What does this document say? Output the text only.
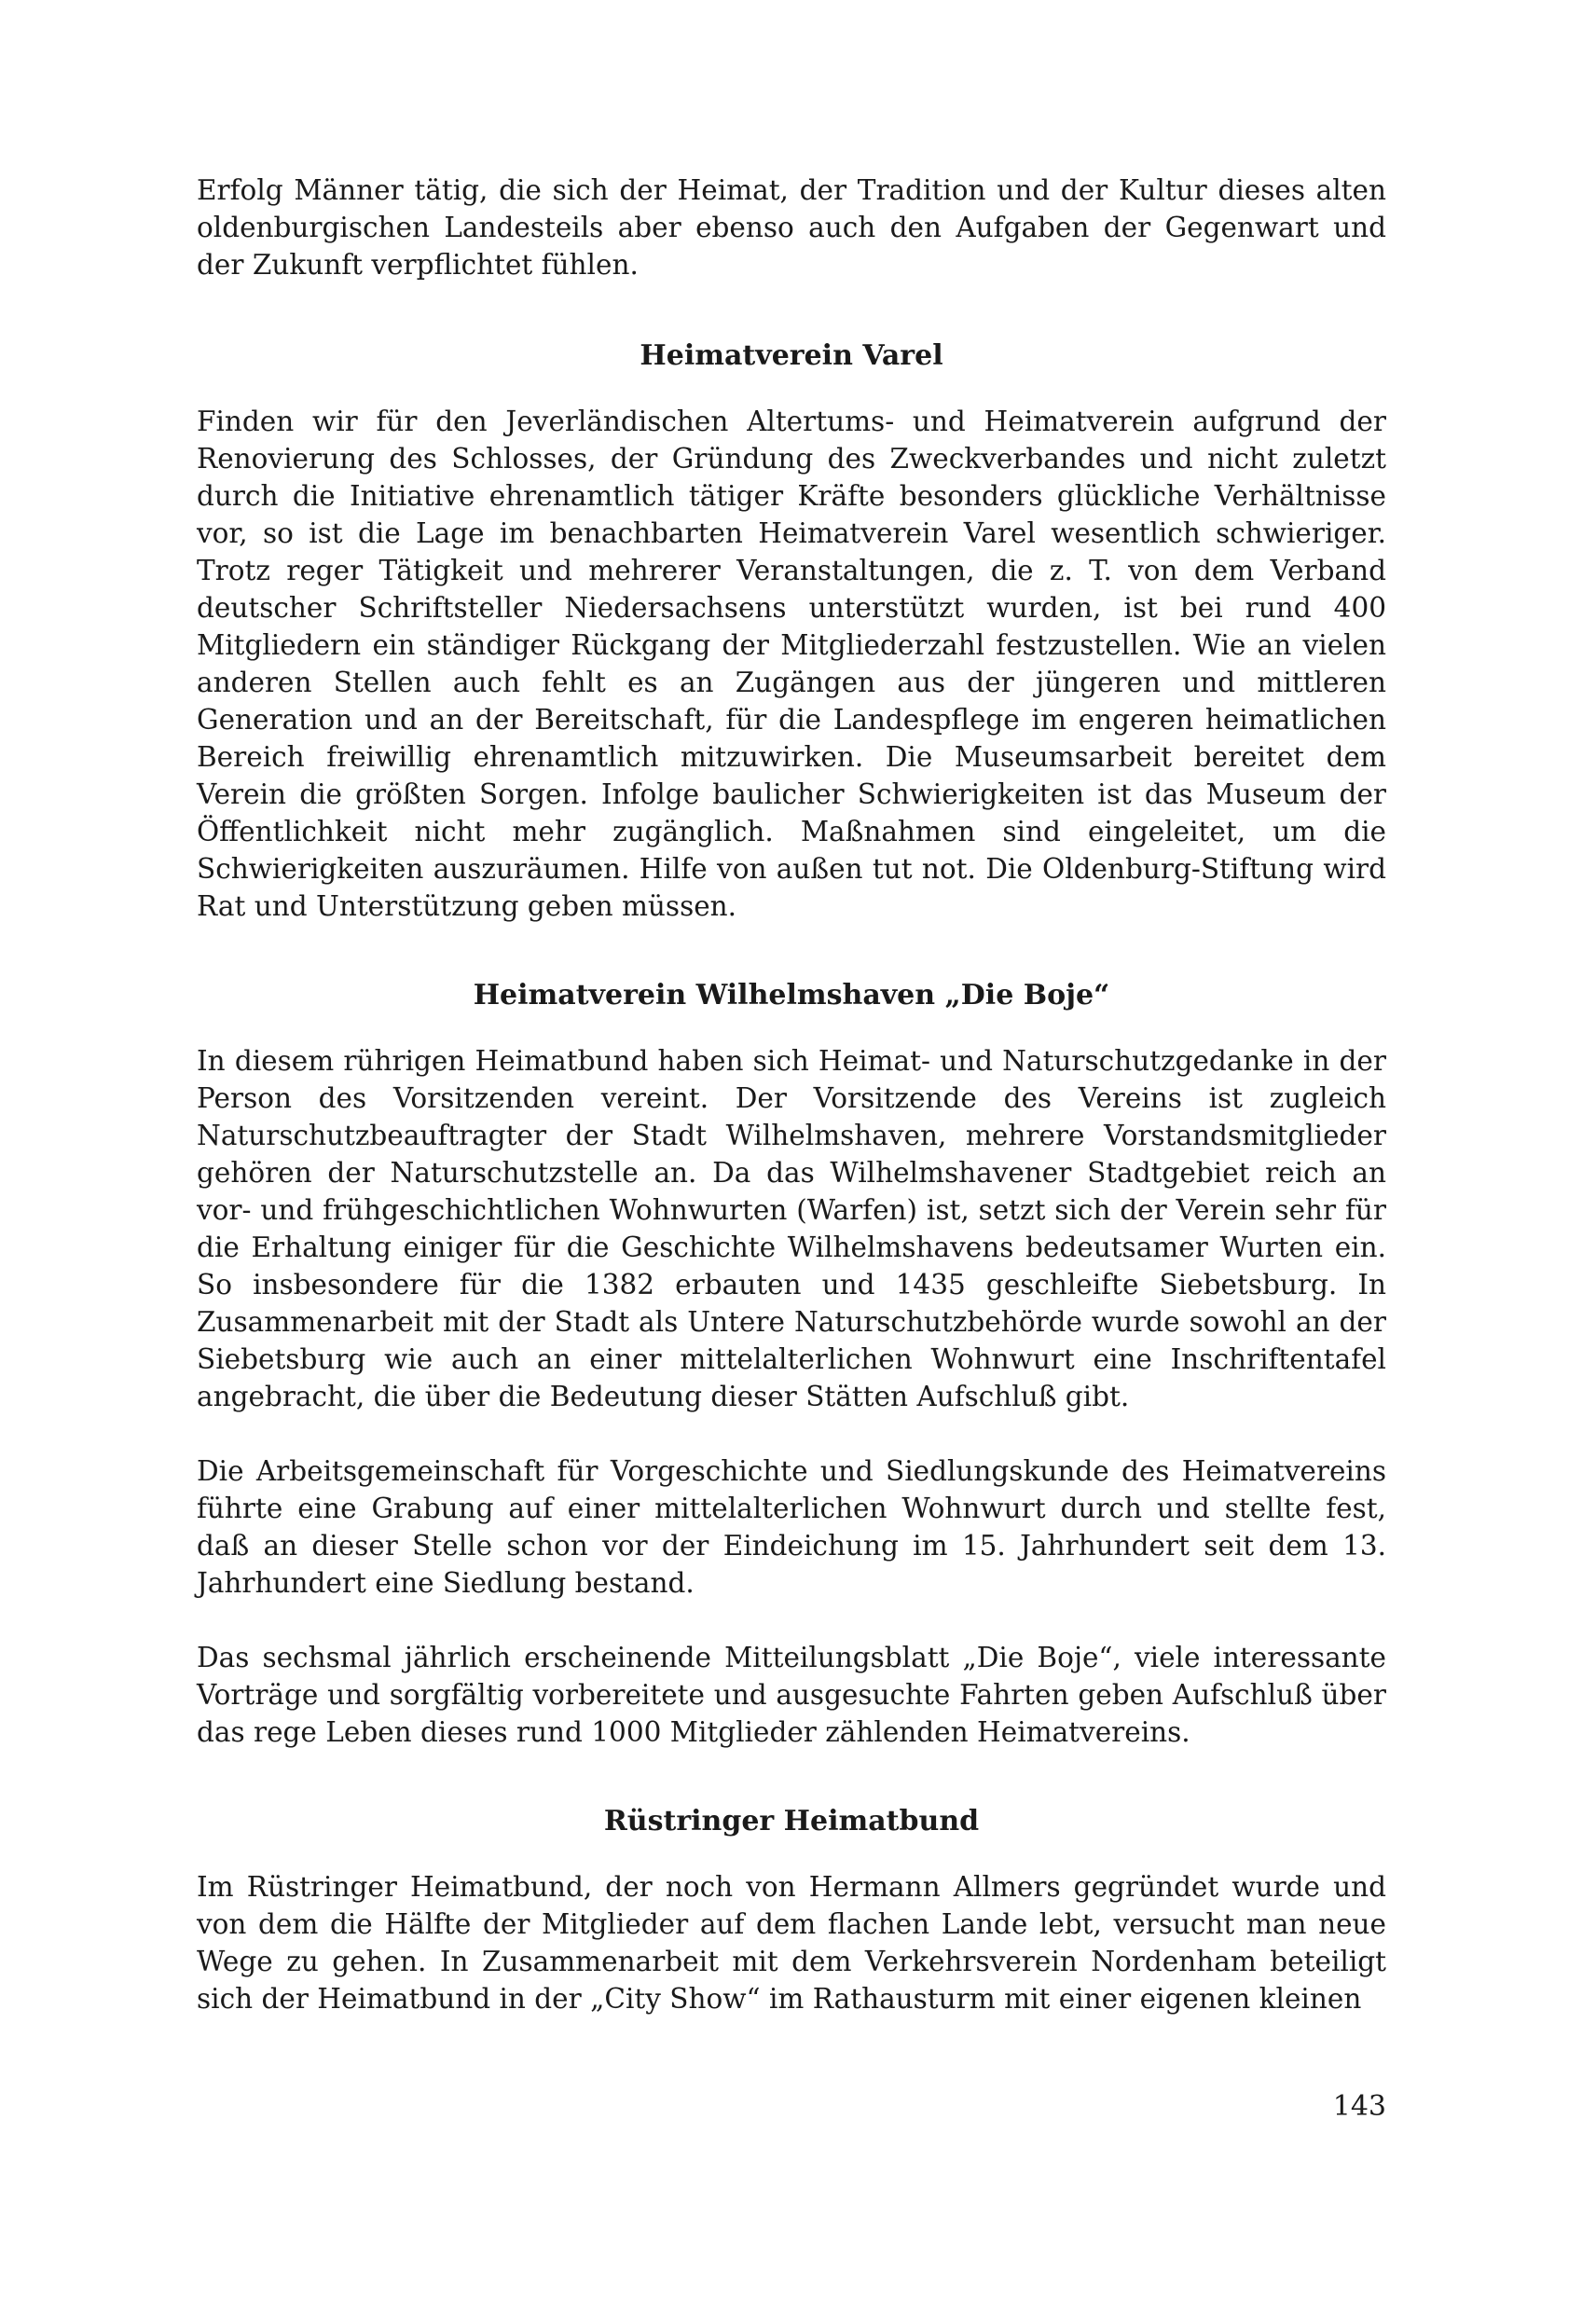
Erfolg Männer tätig, die sich der Heimat, der Tradition und der Kultur dieses alten oldenburgischen Landesteils aber ebenso auch den Aufgaben der Gegenwart und der Zukunft verpflichtet fühlen.

Heimatverein Varel

Finden wir für den Jeverländischen Altertums- und Heimatverein aufgrund der Renovierung des Schlosses, der Gründung des Zweckverbandes und nicht zuletzt durch die Initiative ehrenamtlich tätiger Kräfte besonders glückliche Verhältnisse vor, so ist die Lage im benachbarten Heimatverein Varel wesentlich schwieriger. Trotz reger Tätigkeit und mehrerer Veranstaltungen, die z. T. von dem Verband deutscher Schriftsteller Niedersachsens unterstützt wurden, ist bei rund 400 Mitgliedern ein ständiger Rückgang der Mitgliederzahl festzustellen. Wie an vielen anderen Stellen auch fehlt es an Zugängen aus der jüngeren und mittleren Generation und an der Bereitschaft, für die Landespflege im engeren heimatlichen Bereich freiwillig ehrenamtlich mitzuwirken. Die Museumsarbeit bereitet dem Verein die größten Sorgen. Infolge baulicher Schwierigkeiten ist das Museum der Öffentlichkeit nicht mehr zugänglich. Maßnahmen sind eingeleitet, um die Schwierigkeiten auszuräumen. Hilfe von außen tut not. Die Oldenburg-Stiftung wird Rat und Unterstützung geben müssen.

Heimatverein Wilhelmshaven „Die Boje“

In diesem rührigen Heimatbund haben sich Heimat- und Naturschutzgedanke in der Person des Vorsitzenden vereint. Der Vorsitzende des Vereins ist zugleich Naturschutzbeauftragter der Stadt Wilhelmshaven, mehrere Vorstandsmitglieder gehören der Naturschutzstelle an. Da das Wilhelmshavener Stadtgebiet reich an vor- und frühgeschichtlichen Wohnwurten (Warfen) ist, setzt sich der Verein sehr für die Erhaltung einiger für die Geschichte Wilhelmshavens bedeutsamer Wurten ein. So insbesondere für die 1382 erbauten und 1435 geschleifte Siebetsburg. In Zusammenarbeit mit der Stadt als Untere Naturschutzbehörde wurde sowohl an der Siebetsburg wie auch an einer mittelalterlichen Wohnwurt eine Inschriftentafel angebracht, die über die Bedeutung dieser Stätten Aufschluß gibt.

Die Arbeitsgemeinschaft für Vorgeschichte und Siedlungskunde des Heimatvereins führte eine Grabung auf einer mittelalterlichen Wohnwurt durch und stellte fest, daß an dieser Stelle schon vor der Eindeichung im 15. Jahrhundert seit dem 13. Jahrhundert eine Siedlung bestand.

Das sechsmal jährlich erscheinende Mitteilungsblatt „Die Boje“, viele interessante Vorträge und sorgfältig vorbereitete und ausgesuchte Fahrten geben Aufschluß über das rege Leben dieses rund 1000 Mitglieder zählenden Heimatvereins.

Rüstringer Heimatbund

Im Rüstringer Heimatbund, der noch von Hermann Allmers gegründet wurde und von dem die Hälfte der Mitglieder auf dem flachen Lande lebt, versucht man neue Wege zu gehen. In Zusammenarbeit mit dem Verkehrsverein Nordenham beteiligt sich der Heimatbund in der „City Show“ im Rathausturm mit einer eigenen kleinen

143
